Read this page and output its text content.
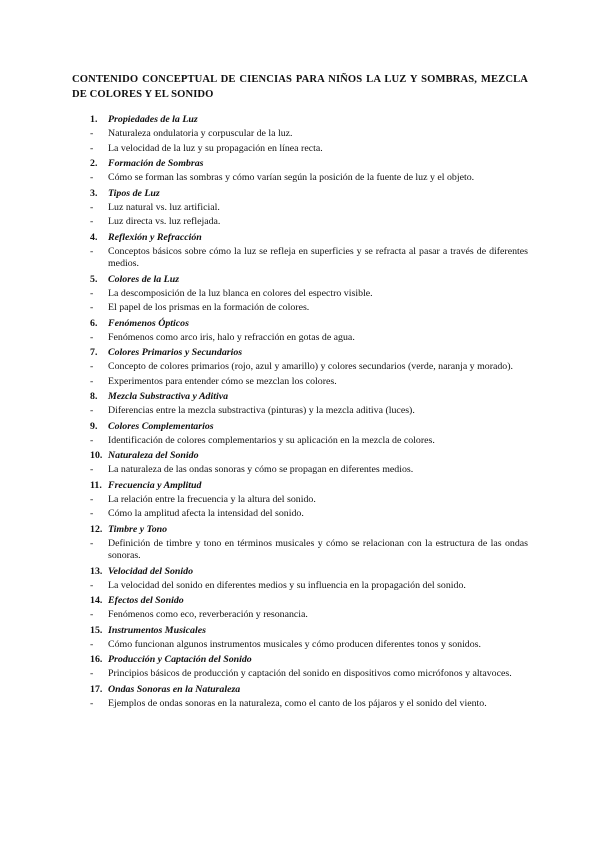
CONTENIDO CONCEPTUAL DE CIENCIAS PARA NIÑOS LA LUZ Y SOMBRAS, MEZCLA DE COLORES Y EL SONIDO
1. Propiedades de la Luz
- Naturaleza ondulatoria y corpuscular de la luz.
- La velocidad de la luz y su propagación en línea recta.
2. Formación de Sombras
- Cómo se forman las sombras y cómo varían según la posición de la fuente de luz y el objeto.
3. Tipos de Luz
- Luz natural vs. luz artificial.
- Luz directa vs. luz reflejada.
4. Reflexión y Refracción
- Conceptos básicos sobre cómo la luz se refleja en superficies y se refracta al pasar a través de diferentes medios.
5. Colores de la Luz
- La descomposición de la luz blanca en colores del espectro visible.
- El papel de los prismas en la formación de colores.
6. Fenómenos Ópticos
- Fenómenos como arco iris, halo y refracción en gotas de agua.
7. Colores Primarios y Secundarios
- Concepto de colores primarios (rojo, azul y amarillo) y colores secundarios (verde, naranja y morado).
- Experimentos para entender cómo se mezclan los colores.
8. Mezcla Substractiva y Aditiva
- Diferencias entre la mezcla substractiva (pinturas) y la mezcla aditiva (luces).
9. Colores Complementarios
- Identificación de colores complementarios y su aplicación en la mezcla de colores.
10. Naturaleza del Sonido
- La naturaleza de las ondas sonoras y cómo se propagan en diferentes medios.
11. Frecuencia y Amplitud
- La relación entre la frecuencia y la altura del sonido.
- Cómo la amplitud afecta la intensidad del sonido.
12. Timbre y Tono
- Definición de timbre y tono en términos musicales y cómo se relacionan con la estructura de las ondas sonoras.
13. Velocidad del Sonido
- La velocidad del sonido en diferentes medios y su influencia en la propagación del sonido.
14. Efectos del Sonido
- Fenómenos como eco, reverberación y resonancia.
15. Instrumentos Musicales
- Cómo funcionan algunos instrumentos musicales y cómo producen diferentes tonos y sonidos.
16. Producción y Captación del Sonido
- Principios básicos de producción y captación del sonido en dispositivos como micrófonos y altavoces.
17. Ondas Sonoras en la Naturaleza
- Ejemplos de ondas sonoras en la naturaleza, como el canto de los pájaros y el sonido del viento.
